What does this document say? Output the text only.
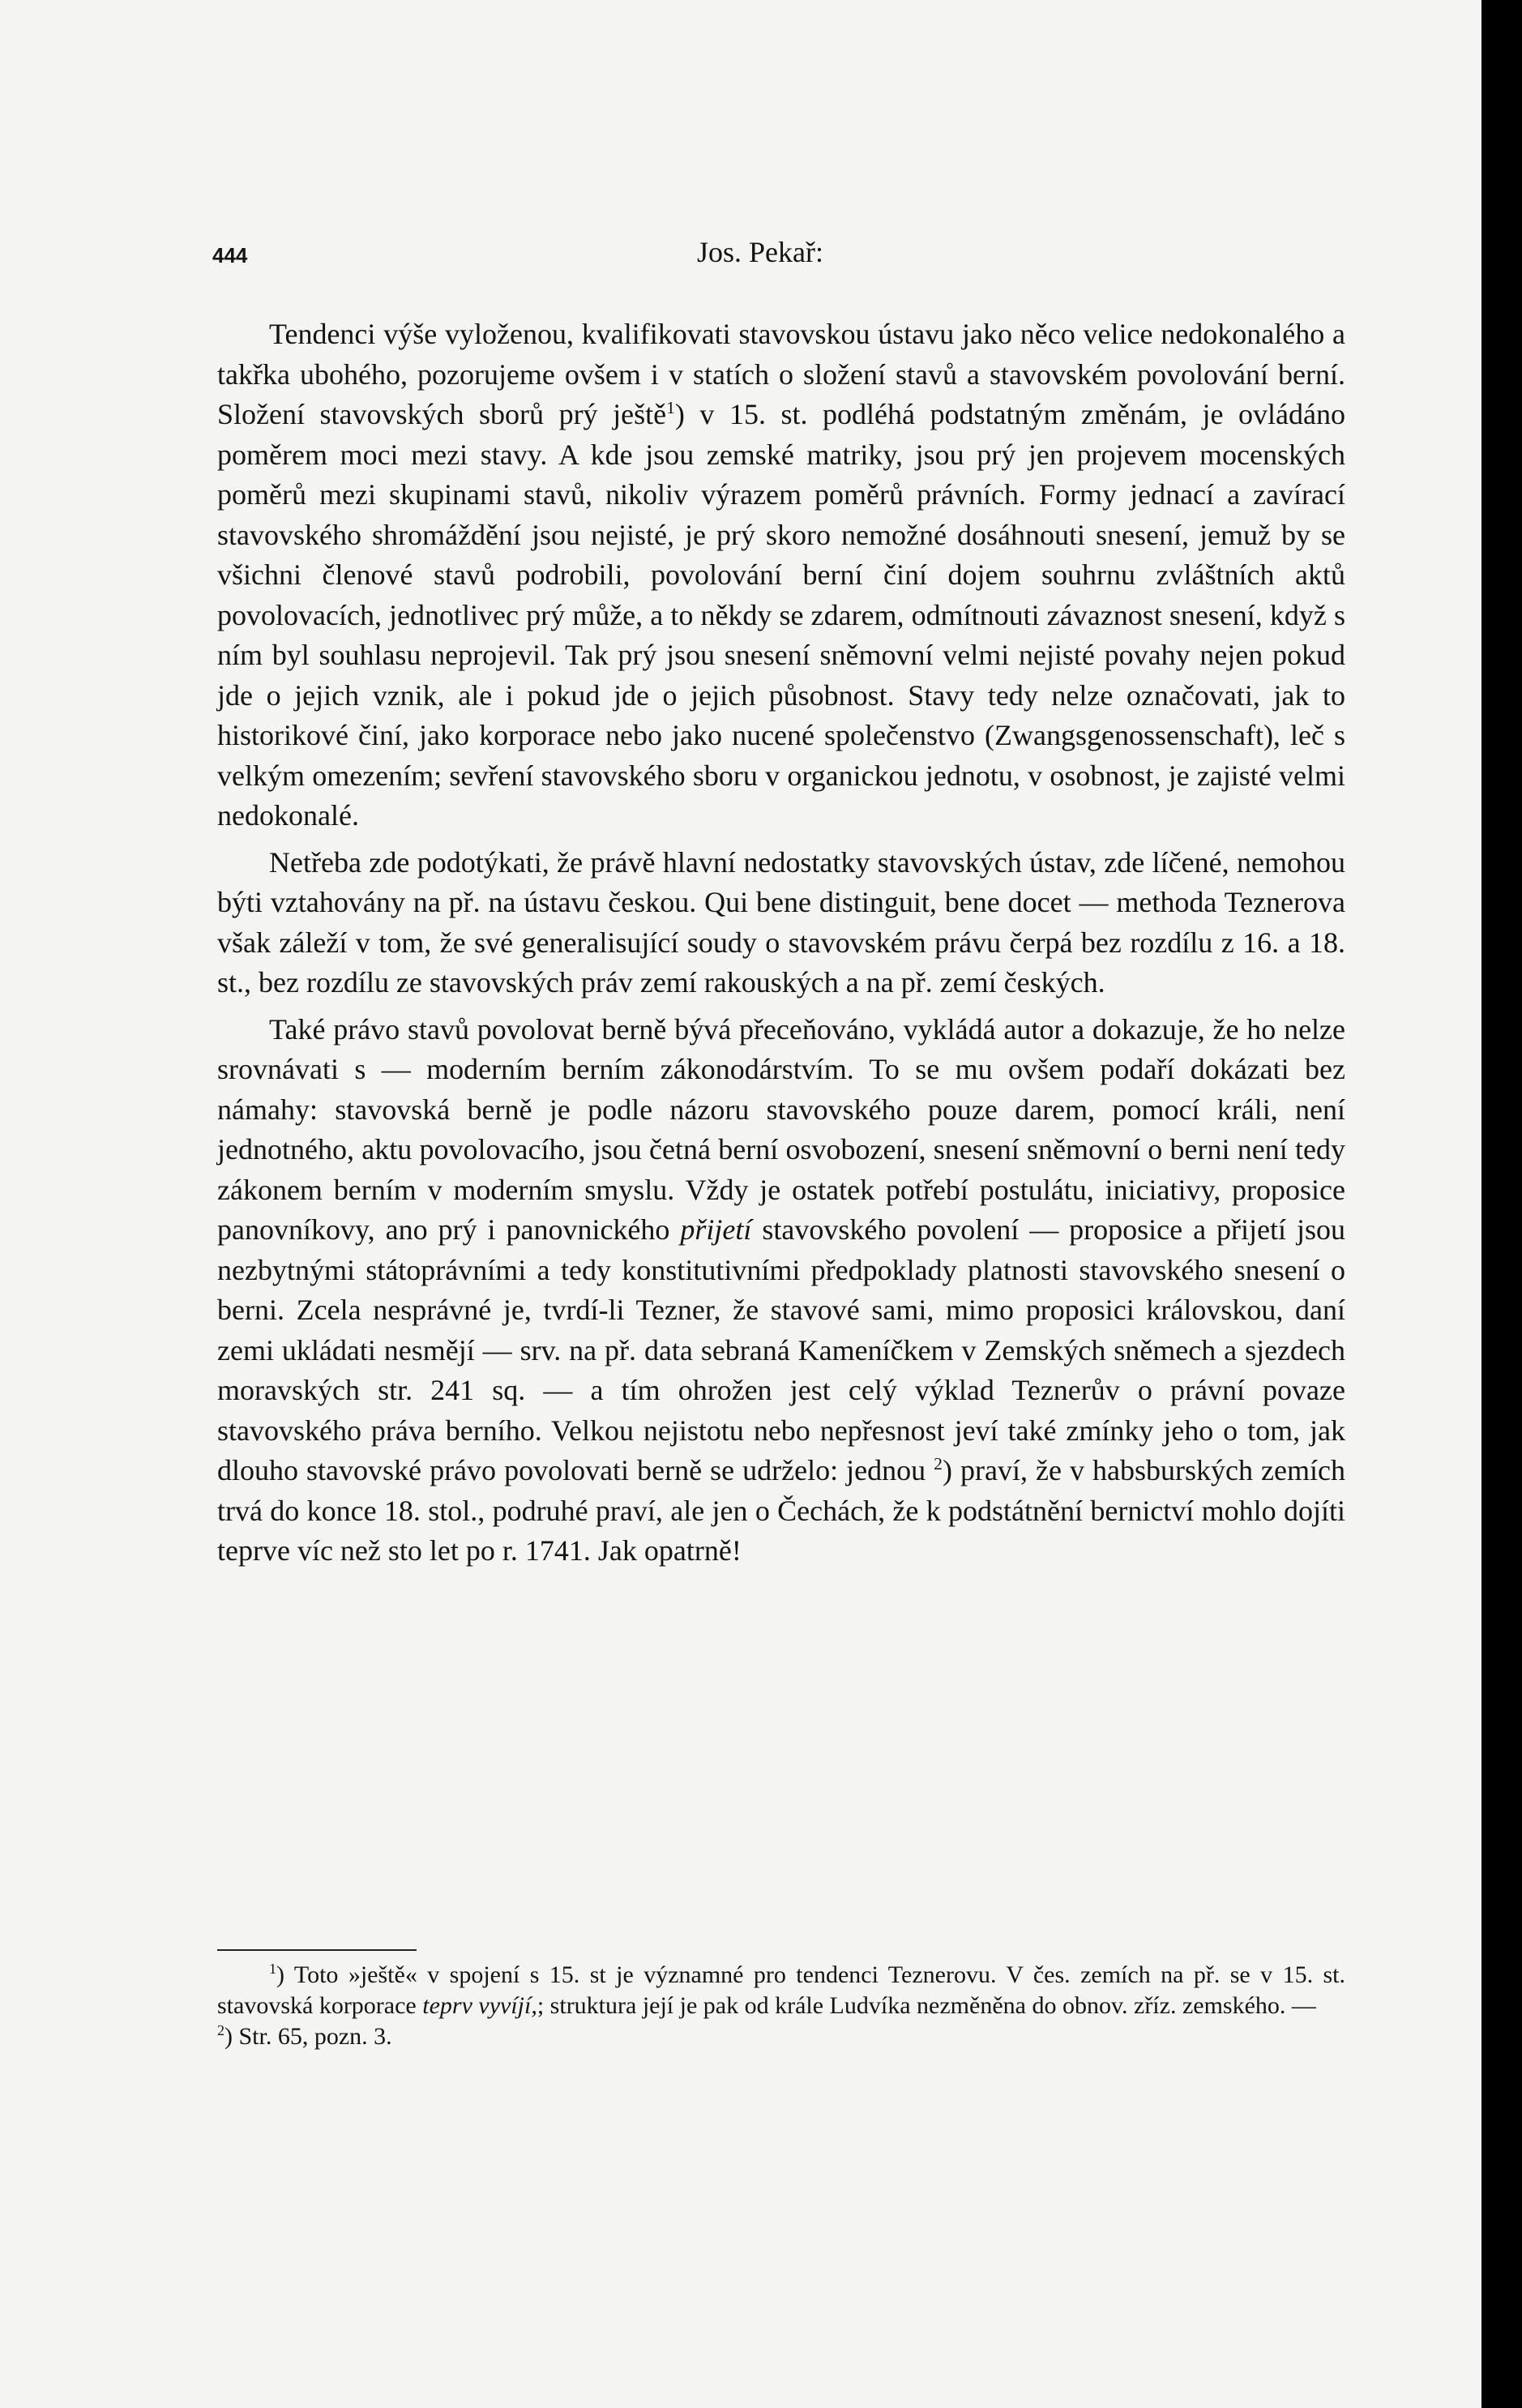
444	Jos. Pekař:

Tendenci výše vyloženou, kvalifikovati stavovskou ústavu jako něco velice nedokonalého a takřka ubohého, pozorujeme ovšem i v statích o složení stavů a stavovském povolování berní. Složení stavovských sborů prý ještě$^1$) v 15. st. podléhá podstatným změnám, je ovládáno poměrem moci mezi stavy. A kde jsou zemské matriky, jsou prý jen projevem mocenských poměrů mezi skupinami stavů, nikoliv výrazem poměrů právních. Formy jednací a zavírací stavovského shromáždění jsou nejisté, je prý skoro nemožné dosáhnouti snesení, jemuž by se všichni členové stavů podrobili, povolování berní činí dojem souhrnu zvláštních aktů povolovacích, jednotlivec prý může, a to někdy se zdarem, odmítnouti závaznost snesení, když s ním byl souhlasu neprojevil. Tak prý jsou snesení sněmovní velmi nejisté povahy nejen pokud jde o jejich vznik, ale i pokud jde o jejich působnost. Stavy tedy nelze označovati, jak to historikové činí, jako korporace nebo jako nucené společenstvo (Zwangsgenossenschaft), leč s velkým omezením; sevření stavovského sboru v organickou jednotu, v osobnost, je zajisté velmi nedokonalé.

Netřeba zde podotýkati, že právě hlavní nedostatky stavovských ústav, zde líčené, nemohou býti vztahovány na př. na ústavu českou. Qui bene distinguit, bene docet — methoda Teznerova však záleží v tom, že své generalisující soudy o stavovském právu čerpá bez rozdílu z 16. a 18. st., bez rozdílu ze stavovských práv zemí rakouských a na př. zemí českých.

Také právo stavů povolovat berně bývá přeceňováno, vykládá autor a dokazuje, že ho nelze srovnávati s — moderním berním zákonodárstvím. To se mu ovšem podaří dokázati bez námahy: stavovská berně je podle názoru stavovského pouze darem, pomocí králi, není jednotného, aktu povolovacího, jsou četná berní osvobození, snesení sněmovní o berni není tedy zákonem berním v moderním smyslu. Vždy je ostatek potřebí postulátu, iniciativy, proposice panovníkovy, ano prý i panovnického přijetí stavovského povolení — proposice a přijetí jsou nezbytnými státoprávními a tedy konstitutivními předpoklady platnosti stavovského snesení o berni. Zcela nesprávné je, tvrdí-li Tezner, že stavové sami, mimo proposici královskou, daní zemi ukládati nesmějí — srv. na př. data sebraná Kameníčkem v Zemských sněmech a sjezdech moravských str. 241 sq. — a tím ohrožen jest celý výklad Teznerův o právní povaze stavovského práva berního. Velkou nejistotu nebo nepřesnost jeví také zmínky jeho o tom, jak dlouho stavovské právo povolovati berně se udrželo: jednou $^2$) praví, že v habsburských zemích trvá do konce 18. stol., podruhé praví, ale jen o Čechách, že k podstátnění bernictví mohlo dojíti teprve víc než sto let po r. 1741. Jak opatrně!

$^1$) Toto »ještě« v spojení s 15. st je významné pro tendenci Teznerovu. V čes. zemích na př. se v 15. st. stavovská korporace teprv vyvíjí,; struktura její je pak od krále Ludvíka nezměněna do obnov. zříz. zemského. —
$^2$) Str. 65, pozn. 3.
